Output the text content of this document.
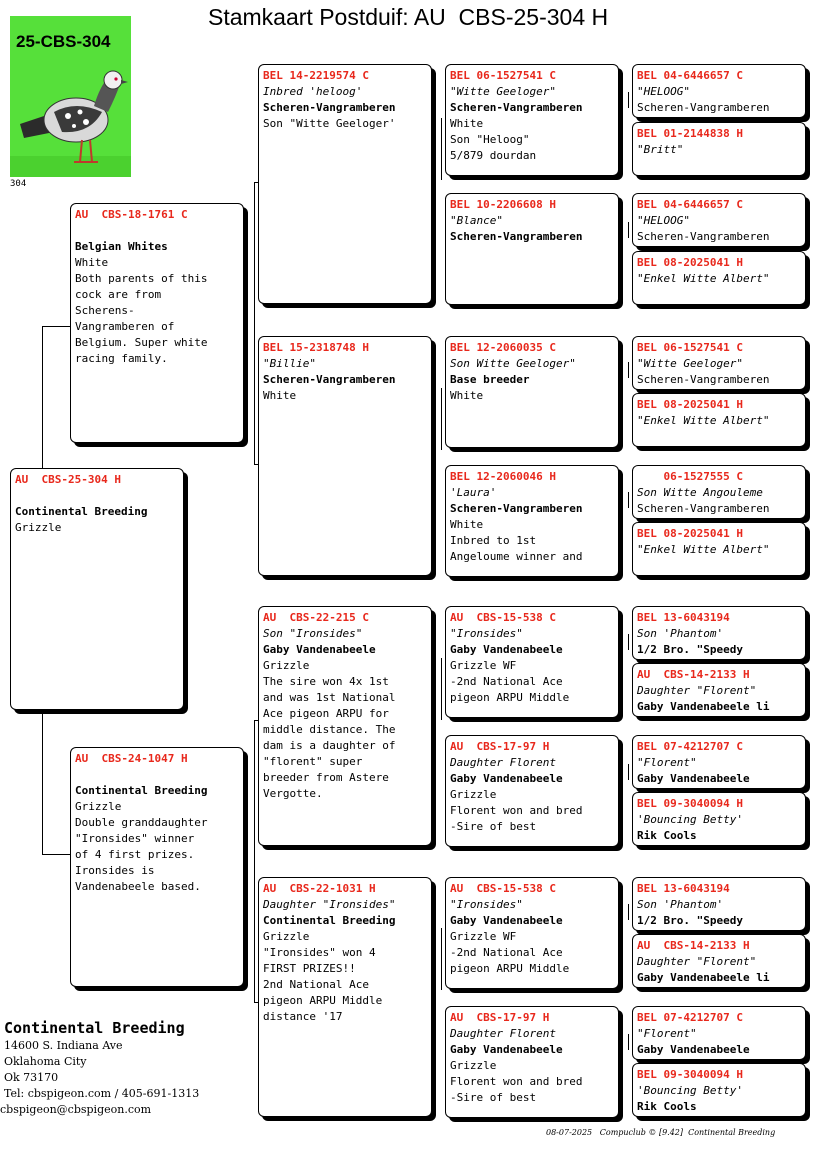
Stamkaart Postduif: AU  CBS-25-304 H
25-CBS-304
304
AU  CBS-25-304 H
Continental Breeding
Grizzle
AU  CBS-18-1761 C
Belgian Whites
White
Both parents of this
cock are from
Scherens-
Vangramberen of
Belgium. Super white
racing family.
AU  CBS-24-1047 H
Continental Breeding
Grizzle
Double granddaughter
"Ironsides" winner
of 4 first prizes.
Ironsides is
Vandenabeele based.
BEL 14-2219574 C
Inbred 'heloog'
Scheren-Vangramberen
Son "Witte Geeloger'
BEL 15-2318748 H
"Billie"
Scheren-Vangramberen
White
AU  CBS-22-215 C
Son "Ironsides"
Gaby Vandenabeele
Grizzle
The sire won 4x 1st
and was 1st National
Ace pigeon ARPU for
middle distance. The
dam is a daughter of
"florent" super
breeder from Astere
Vergotte.
AU  CBS-22-1031 H
Daughter "Ironsides"
Continental Breeding
Grizzle
"Ironsides" won 4
FIRST PRIZES!!
2nd National Ace
pigeon ARPU Middle
distance '17
BEL 06-1527541 C
"Witte Geeloger"
Scheren-Vangramberen
White
Son "Heloog"
5/879 dourdan
BEL 10-2206608 H
"Blance"
Scheren-Vangramberen
BEL 12-2060035 C
Son Witte Geeloger"
Base breeder
White
BEL 12-2060046 H
'Laura'
Scheren-Vangramberen
White
Inbred to 1st
Angeloume winner and
AU  CBS-15-538 C
"Ironsides"
Gaby Vandenabeele
Grizzle WF
-2nd National Ace
pigeon ARPU Middle
AU  CBS-17-97 H
Daughter Florent
Gaby Vandenabeele
Grizzle
Florent won and bred
-Sire of best
AU  CBS-15-538 C
"Ironsides"
Gaby Vandenabeele
Grizzle WF
-2nd National Ace
pigeon ARPU Middle
AU  CBS-17-97 H
Daughter Florent
Gaby Vandenabeele
Grizzle
Florent won and bred
-Sire of best
BEL 04-6446657 C
"HELOOG"
Scheren-Vangramberen
BEL 01-2144838 H
"Britt"
BEL 04-6446657 C
"HELOOG"
Scheren-Vangramberen
BEL 08-2025041 H
"Enkel Witte Albert"
BEL 06-1527541 C
"Witte Geeloger"
Scheren-Vangramberen
BEL 08-2025041 H
"Enkel Witte Albert"
06-1527555 C
Son Witte Angouleme
Scheren-Vangramberen
BEL 08-2025041 H
"Enkel Witte Albert"
BEL 13-6043194
Son 'Phantom'
1/2 Bro. "Speedy
AU  CBS-14-2133 H
Daughter "Florent"
Gaby Vandenabeele li
BEL 07-4212707 C
"Florent"
Gaby Vandenabeele
BEL 09-3040094 H
'Bouncing Betty'
Rik Cools
BEL 13-6043194
Son 'Phantom'
1/2 Bro. "Speedy
AU  CBS-14-2133 H
Daughter "Florent"
Gaby Vandenabeele li
BEL 07-4212707 C
"Florent"
Gaby Vandenabeele
BEL 09-3040094 H
'Bouncing Betty'
Rik Cools
Continental Breeding
14600 S. Indiana Ave
Oklahoma City
Ok 73170
Tel: cbspigeon.com / 405-691-1313
cbspigeon@cbspigeon.com
08-07-2025   Compuclub © [9.42]  Continental Breeding
